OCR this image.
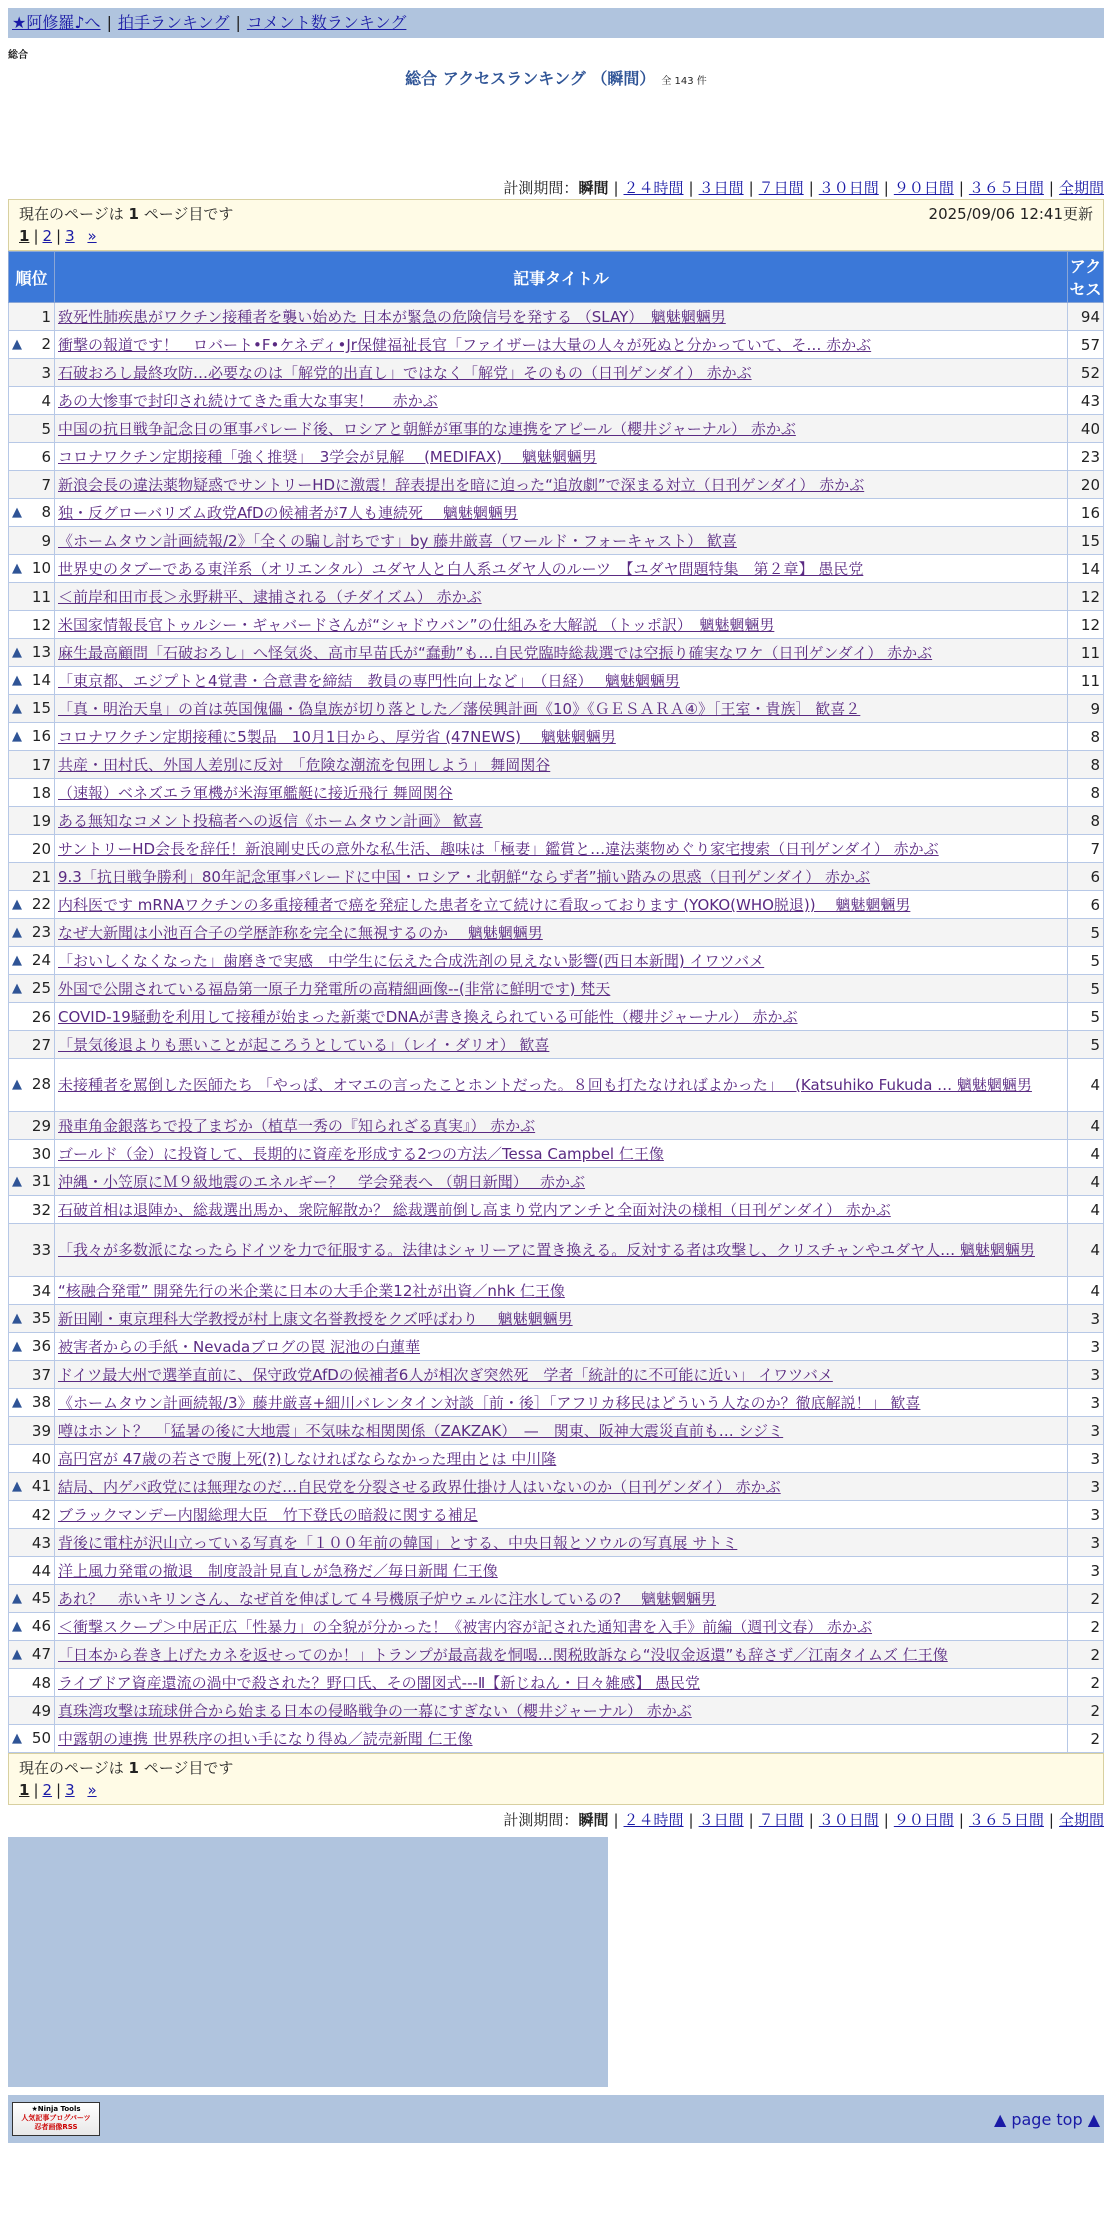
★阿修羅♪へ | 拍手ランキング | コメント数ランキング
総合
総合 アクセスランキング （瞬間） 全 143 件
計測期間：瞬間 | ２４時間 | ３日間 | ７日間 | ３０日間 | ９０日間 | ３６５日間 | 全期間
現在のページは 1 ページ目です	2025/09/06 12:41更新
1 | 2 | 3 »
順位	記事タイトル	アクセス
1	致死性肺疾患がワクチン接種者を襲い始めた 日本が緊急の危険信号を発する （SLAY）　魑魅魍魎男	94

▲ 2	衝撃の報道です！　ロバート•F•ケネディ•Jr保健福祉長官「ファイザーは大量の人々が死ぬと分かっていて、そ… 赤かぶ	57
3	石破おろし最終攻防…必要なのは「解党的出直し」ではなく「解党」そのもの（日刊ゲンダイ） 赤かぶ	52
4	あの大惨事で封印され続けてきた重大な事実！　 赤かぶ	43
5	中国の抗日戦争記念日の軍事パレード後、ロシアと朝鮮が軍事的な連携をアピール（櫻井ジャーナル） 赤かぶ	40
6	コロナワクチン定期接種「強く推奨」　3学会が見解　 (MEDIFAX)　 魑魅魍魎男	23
7	新浪会長の違法薬物疑惑でサントリーHDに激震！辞表提出を暗に迫った“追放劇”で深まる対立（日刊ゲンダイ） 赤かぶ	20

▲ 8	独・反グローバリズム政党AfDの候補者が7人も連続死　 魑魅魍魎男	16
9	《ホームタウン計画続報/2》「全くの騙し討ちです」by 藤井厳喜（ワールド・フォーキャスト） 歓喜	15

▲ 10	世界史のタブーである東洋系（オリエンタル）ユダヤ人と白人系ユダヤ人のルーツ　【ユダヤ問題特集　第２章】 愚民党	14
11	＜前岸和田市長＞永野耕平、逮捕される（チダイズム） 赤かぶ	12
12	米国家情報長官トゥルシー・ギャバードさんが“シャドウバン”の仕組みを大解説 （トッポ訳）　魑魅魍魎男	12

▲ 13	麻生最高顧問「石破おろし」へ怪気炎、高市早苗氏が“蠢動”も…自民党臨時総裁選では空振り確実なワケ（日刊ゲンダイ） 赤かぶ	11

▲ 14	「東京都、エジプトと4覚書・合意書を締結　教員の専門性向上など」　（日経）　 魑魅魍魎男	11

▲ 15	「真・明治天皇」の首は英国傀儡・偽皇族が切り落とした／藩侯興計画《10》《ＧＥＳＡＲＡ④》［王室・貴族］ 歓喜２	9

▲ 16	コロナワクチン定期接種に5製品　10月1日から、厚労省 (47NEWS)　 魑魅魍魎男	8
17	共産・田村氏、外国人差別に反対　「危険な潮流を包囲しよう」 舞岡関谷	8
18	（速報）ベネズエラ軍機が米海軍艦艇に接近飛行 舞岡関谷	8
19	ある無知なコメント投稿者への返信《ホームタウン計画》 歓喜	8
20	サントリーHD会長を辞任！新浪剛史氏の意外な私生活、趣味は「極妻」鑑賞と…違法薬物めぐり家宅捜索（日刊ゲンダイ） 赤かぶ	7
21	9.3「抗日戦争勝利」80年記念軍事パレードに中国・ロシア・北朝鮮“ならず者”揃い踏みの思惑（日刊ゲンダイ） 赤かぶ	6

▲ 22	内科医です mRNAワクチンの多重接種者で癌を発症した患者を立て続けに看取っております (YOKO(WHO脱退))　 魑魅魍魎男	6

▲ 23	なぜ大新聞は小池百合子の学歴詐称を完全に無視するのか　 魑魅魍魎男	5

▲ 24	「おいしくなくなった」歯磨きで実感　中学生に伝えた合成洗剤の見えない影響(西日本新聞) イワツバメ	5

▲ 25	外国で公開されている福島第一原子力発電所の高精細画像--(非常に鮮明です) 梵天	5
26	COVID-19騒動を利用して接種が始まった新薬でDNAが書き換えられている可能性（櫻井ジャーナル） 赤かぶ	5
27	「景気後退よりも悪いことが起ころうとしている」（レイ・ダリオ） 歓喜	5

▲ 28	未接種者を罵倒した医師たち 「やっぱ、オマエの言ったことホントだった。８回も打たなければよかった」　 (Katsuhiko Fukuda … 魑魅魍魎男	4
29	飛車角金銀落ちで投了まぢか（植草一秀の『知られざる真実』） 赤かぶ	4
30	ゴールド（金）に投資して、長期的に資産を形成する2つの方法／Tessa Campbel 仁王像	4

▲ 31	沖縄・小笠原にＭ９級地震のエネルギー？　学会発表へ （朝日新聞）　 赤かぶ	4
32	石破首相は退陣か、総裁選出馬か、衆院解散か？ 総裁選前倒し高まり党内アンチと全面対決の様相（日刊ゲンダイ） 赤かぶ	4
33	「我々が多数派になったらドイツを力で征服する。法律はシャリーアに置き換える。反対する者は攻撃し、クリスチャンやユダヤ人… 魑魅魍魎男	4
34	“核融合発電” 開発先行の米企業に日本の大手企業12社が出資／nhk 仁王像	4

▲ 35	新田剛・東京理科大学教授が村上康文名誉教授をクズ呼ばわり　 魑魅魍魎男	3

▲ 36	被害者からの手紙・Nevadaブログの罠 泥池の白蓮華	3
37	ドイツ最大州で選挙直前に、保守政党AfDの候補者6人が相次ぎ突然死　学者「統計的に不可能に近い」 イワツバメ	3

▲ 38	《ホームタウン計画続報/3》藤井厳喜+細川バレンタイン対談［前・後］「アフリカ移民はどういう人なのか？徹底解説！」 歓喜	3
39	噂はホント？　「猛暑の後に大地震」不気味な相関関係（ZAKZAK）　—　関東、阪神大震災直前も… シジミ	3
40	高円宮が 47歳の若さで腹上死(?)しなければならなかった理由とは 中川隆	3

▲ 41	結局、内ゲバ政党には無理なのだ…自民党を分裂させる政界仕掛け人はいないのか（日刊ゲンダイ） 赤かぶ	3
42	ブラックマンデー内閣総理大臣　竹下登氏の暗殺に関する補足	3
43	背後に電柱が沢山立っている写真を「１００年前の韓国」とする、中央日報とソウルの写真展 サトミ	3
44	洋上風力発電の撤退　制度設計見直しが急務だ／毎日新聞 仁王像	3

▲ 45	あれ？　赤いキリンさん、なぜ首を伸ばして４号機原子炉ウェルに注水しているの?　 魑魅魍魎男	2

▲ 46	＜衝撃スクープ＞中居正広「性暴力」の全貌が分かった！《被害内容が記された通知書を入手》前編（週刊文春） 赤かぶ	2

▲ 47	「日本から巻き上げたカネを返せってのか！」トランプが最高裁を恫喝…関税敗訴なら“没収金返還”も辞さず／江南タイムズ 仁王像	2
48	ライブドア資産還流の渦中で殺された？野口氏、その闇図式---Ⅱ【新じねん・日々雑感】 愚民党	2
49	真珠湾攻撃は琉球併合から始まる日本の侵略戦争の一幕にすぎない（櫻井ジャーナル） 赤かぶ	2

▲ 50	中露朝の連携 世界秩序の担い手になり得ぬ／読売新聞 仁王像	2
現在のページは 1 ページ目です
1 | 2 | 3 »
計測期間：瞬間 | ２４時間 | ３日間 | ７日間 | ３０日間 | ９０日間 | ３６５日間 | 全期間
★Ninja Tools
人気記事ブログパーツ
忍者画像RSS	▲ page top ▲
